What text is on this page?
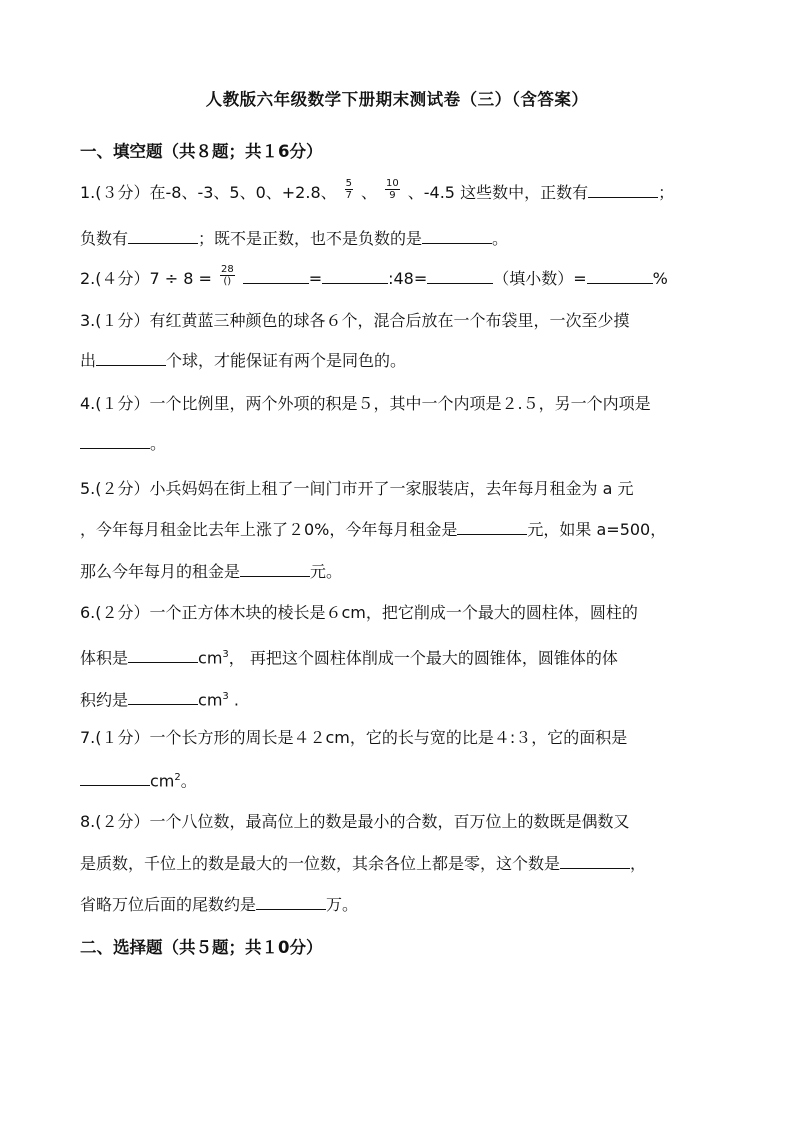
人教版六年级数学下册期末测试卷（三）（含答案）
一、填空题（共８题；共１6分）
1.(３分）在-8、-3、5、0、+2.8、 $\frac{5}{7}$ 、 $\frac{10}{9}$ 、-4.5 这些数中，正数有	；
负数有	；既不是正数，也不是负数的是	。
2.(４分）$7 \div 8 = \frac{28}{()}$	=	:48=	（填小数）=	%
3.(１分）有红黄蓝三种颜色的球各６个，混合后放在一个布袋里，一次至少摸
出	个球，才能保证有两个是同色的。
4.(１分）一个比例里，两个外项的积是５，其中一个内项是２.５，另一个内项是
。
5.(２分）小兵妈妈在街上租了一间门市开了一家服装店，去年每月租金为 a 元
，今年每月租金比去年上涨了２0%，今年每月租金是	元，如果 a=500，
那么今年每月的租金是	元。
6.(２分）一个正方体木块的棱长是６cm，把它削成一个最大的圆柱体，圆柱的
体积是	$cm^3$， 再把这个圆柱体削成一个最大的圆锥体，圆锥体的体
积约是	$cm^3$ .
7.(１分）一个长方形的周长是４２cm，它的长与宽的比是４:３，它的面积是
$cm^2$。
8.(２分）一个八位数，最高位上的数是最小的合数，百万位上的数既是偶数又
是质数，千位上的数是最大的一位数，其余各位上都是零，这个数是	，
省略万位后面的尾数约是	万。
二、选择题（共５题；共１0分）
